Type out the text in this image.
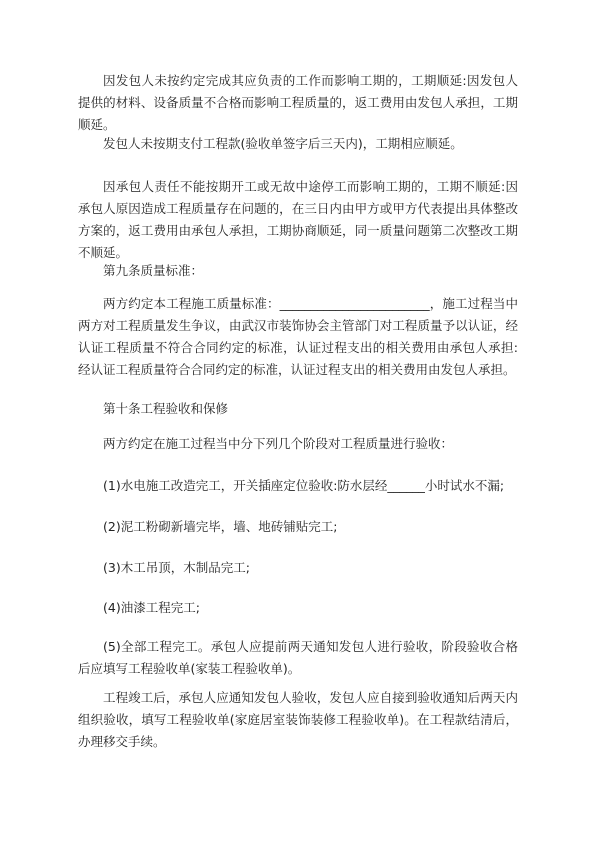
因发包人未按约定完成其应负责的工作而影响工期的，工期顺延:因发包人提供的材料、设备质量不合格而影响工程质量的，返工费用由发包人承担，工期顺延。

发包人未按期支付工程款(验收单签字后三天内)，工期相应顺延。

因承包人责任不能按期开工或无故中途停工而影响工期的，工期不顺延:因承包人原因造成工程质量存在问题的，在三日内由甲方或甲方代表提出具体整改方案的，返工费用由承包人承担，工期协商顺延，同一质量问题第二次整改工期不顺延。

第九条质量标准：

两方约定本工程施工质量标准：________________________，施工过程当中两方对工程质量发生争议，由武汉市装饰协会主管部门对工程质量予以认证，经认证工程质量不符合合同约定的标准，认证过程支出的相关费用由承包人承担:经认证工程质量符合合同约定的标准，认证过程支出的相关费用由发包人承担。

第十条工程验收和保修

两方约定在施工过程当中分下列几个阶段对工程质量进行验收：

(1)水电施工改造完工，开关插座定位验收:防水层经______小时试水不漏;

(2)泥工粉砌新墙完毕，墙、地砖铺贴完工;

(3)木工吊顶，木制品完工;

(4)油漆工程完工;

(5)全部工程完工。承包人应提前两天通知发包人进行验收，阶段验收合格后应填写工程验收单(家装工程验收单)。

工程竣工后，承包人应通知发包人验收，发包人应自接到验收通知后两天内组织验收，填写工程验收单(家庭居室装饰装修工程验收单)。在工程款结清后，办理移交手续。
